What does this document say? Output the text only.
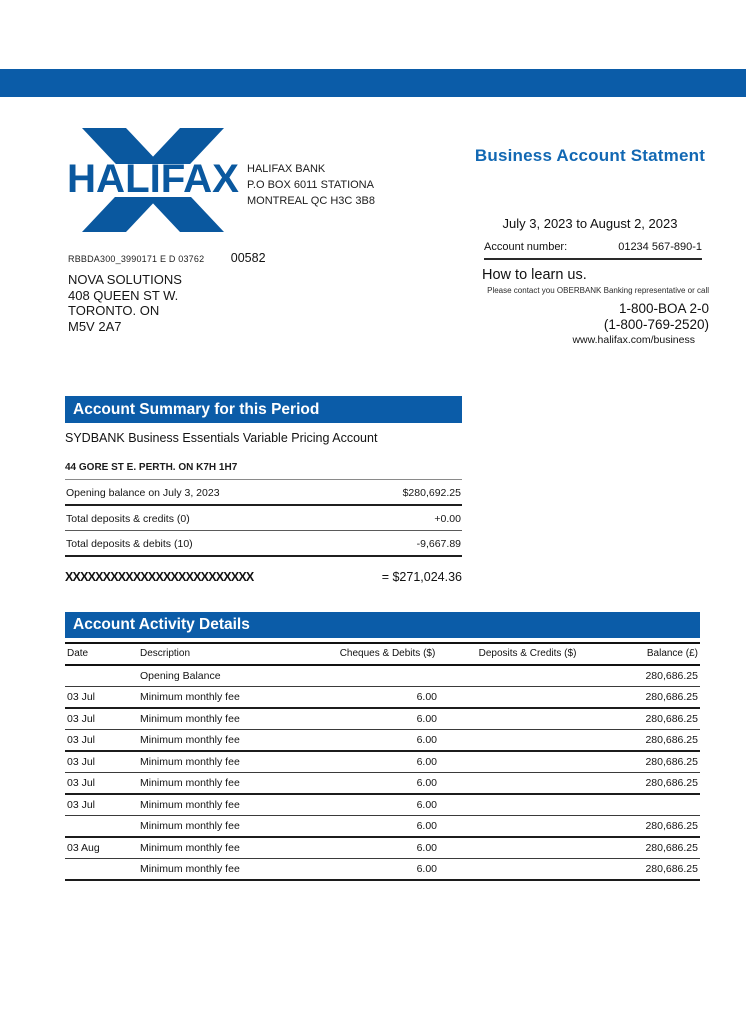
HALIFAX HALIFAX BANK
P.O BOX 6011 STATIONA
MONTREAL QC H3C 3B8
Business Account Statment
July 3, 2023 to August 2, 2023
Account number:	01234 567-890-1
How to learn us.
Please contact you OBERBANK Banking representative or call
1-800-BOA 2-0
(1-800-769-2520)
www.halifax.com/business
RBBDA300_3990171 E D 03762 00582
NOVA SOLUTIONS
408 QUEEN ST W.
TORONTO. ON
M5V 2A7
Account Summary for this Period
SYDBANK Business Essentials Variable Pricing Account
44 GORE ST E. PERTH. ON K7H 1H7
Opening balance on July 3, 2023	$280,692.25
Total deposits & credits (0)	+0.00
Total deposits & debits (10)	-9,667.89
XXXXXXXXXXXXXXXXXXXXXXXXX	= $271,024.36
Account Activity Details
Date	Description	Cheques & Debits ($)	Deposits & Credits ($)	Balance (£)
	Opening Balance			280,686.25
03 Jul	Minimum monthly fee	6.00		280,686.25
03 Jul	Minimum monthly fee	6.00		280,686.25
03 Jul	Minimum monthly fee	6.00		280,686.25
03 Jul	Minimum monthly fee	6.00		280,686.25
03 Jul	Minimum monthly fee	6.00		280,686.25
03 Jul	Minimum monthly fee	6.00		
	Minimum monthly fee	6.00		280,686.25
03 Aug	Minimum monthly fee	6.00		280,686.25
	Minimum monthly fee	6.00		280,686.25
